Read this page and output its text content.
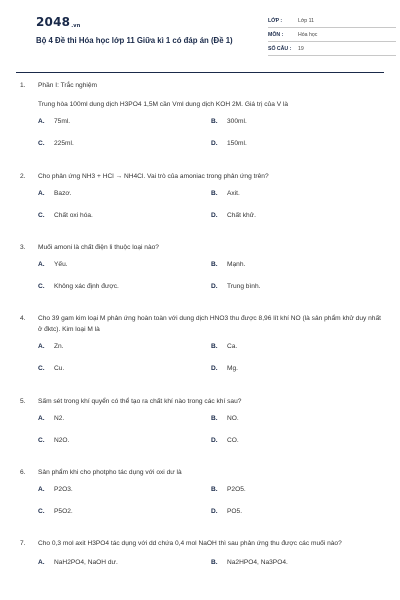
2048.vn
Bộ 4 Đề thi Hóa học lớp 11 Giữa kì 1 có đáp án (Đề 1)
LỚP :	Lớp 11
MÔN :	Hóa học
SỐ CÂU :	19
1.	Phần I: Trắc nghiệm
Trung hòa 100ml dung dịch H3PO4 1,5M cần Vml dung dịch KOH 2M. Giá trị của V là
A.	75ml.	B.	300ml.
C.	225ml.	D.	150ml.
2.	Cho phản ứng NH3 + HCl → NH4Cl. Vai trò của amoniac trong phản ứng trên?
A.	Bazơ.	B.	Axit.
C.	Chất oxi hóa.	D.	Chất khử.
3.	Muối amoni là chất điện li thuộc loại nào?
A.	Yếu.	B.	Mạnh.
C.	Không xác định được.	D.	Trung bình.
4.	Cho 39 gam kim loại M phản ứng hoàn toàn với dung dịch HNO3 thu được 8,96 lít khí NO (là sản phẩm khử duy nhất ở đktc). Kim loại M là
A.	Zn.	B.	Ca.
C.	Cu.	D.	Mg.
5.	Sấm sét trong khí quyển có thể tạo ra chất khí nào trong các khí sau?
A.	N2.	B.	NO.
C.	N2O.	D.	CO.
6.	Sản phẩm khi cho photpho tác dụng với oxi dư là
A.	P2O3.	B.	P2O5.
C.	P5O2.	D.	PO5.
7.	Cho 0,3 mol axit H3PO4 tác dụng với dd chứa 0,4 mol NaOH thì sau phản ứng thu được các muối nào?
A.	NaH2PO4, NaOH dư.	B.	Na2HPO4, Na3PO4.
